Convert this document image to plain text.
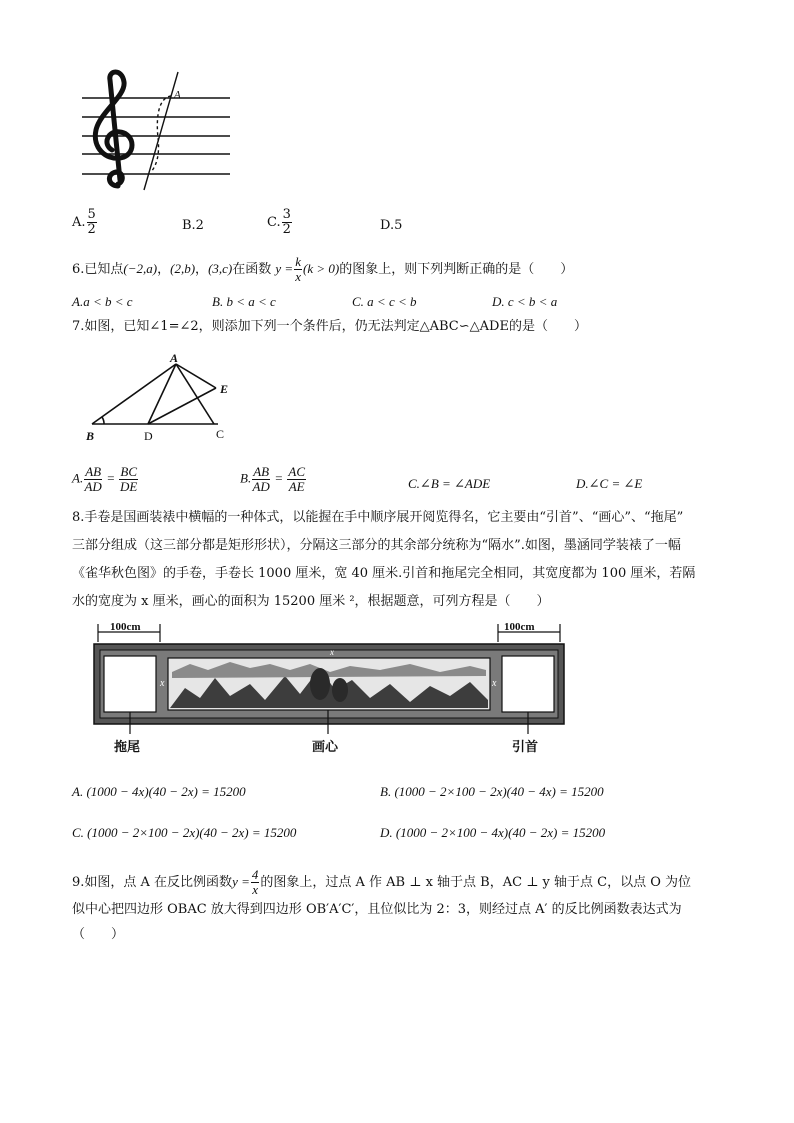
A
A. $\frac{5}{2}$	B.2	C. $\frac{3}{2}$	D.5
6.已知点(−2,a)，(2,b)，(3,c)在函数 $y = \frac{k}{x} (k > 0)$的图象上，则下列判断正确的是（　　）
A.a < b < c	B. b < a < c	C. a < c < b	D. c < b < a
7.如图，已知∠1=∠2，则添加下列一个条件后，仍无法判定△ABC∽△ADE的是（　　）
A
B	D	C
E
A. $\frac{AB}{AD} = \frac{BC}{DE}$	B. $\frac{AB}{AD} = \frac{AC}{AE}$	C.∠B = ∠ADE	D.∠C = ∠E
8.手卷是国画装裱中横幅的一种体式，以能握在手中顺序展开阅览得名，它主要由“引首”、“画心”、“拖尾”
三部分组成（这三部分都是矩形形状），分隔这三部分的其余部分统称为“隔水”.如图，墨涵同学装裱了一幅
《雀华秋色图》的手卷，手卷长 1000 厘米，宽 40 厘米.引首和拖尾完全相同，其宽度都为 100 厘米，若隔
水的宽度为 x 厘米，画心的面积为 15200 厘米 ²，根据题意，可列方程是（　　）
100cm	100cm
x	x
x
拖尾	画心	引首
A. (1000 − 4x)(40 − 2x) = 15200	B. (1000 − 2×100 − 2x)(40 − 4x) = 15200
C. (1000 − 2×100 − 2x)(40 − 2x) = 15200	D. (1000 − 2×100 − 4x)(40 − 2x) = 15200
9.如图，点 A 在反比例函数$y = \frac{4}{x}$ 的图象上，过点 A 作 AB ⊥ x 轴于点 B，AC ⊥ y 轴于点 C，以点 O 为位
似中心把四边形 OBAC 放大得到四边形 OB′A′C′，且位似比为 2：3，则经过点 A′ 的反比例函数表达式为
（　　）
